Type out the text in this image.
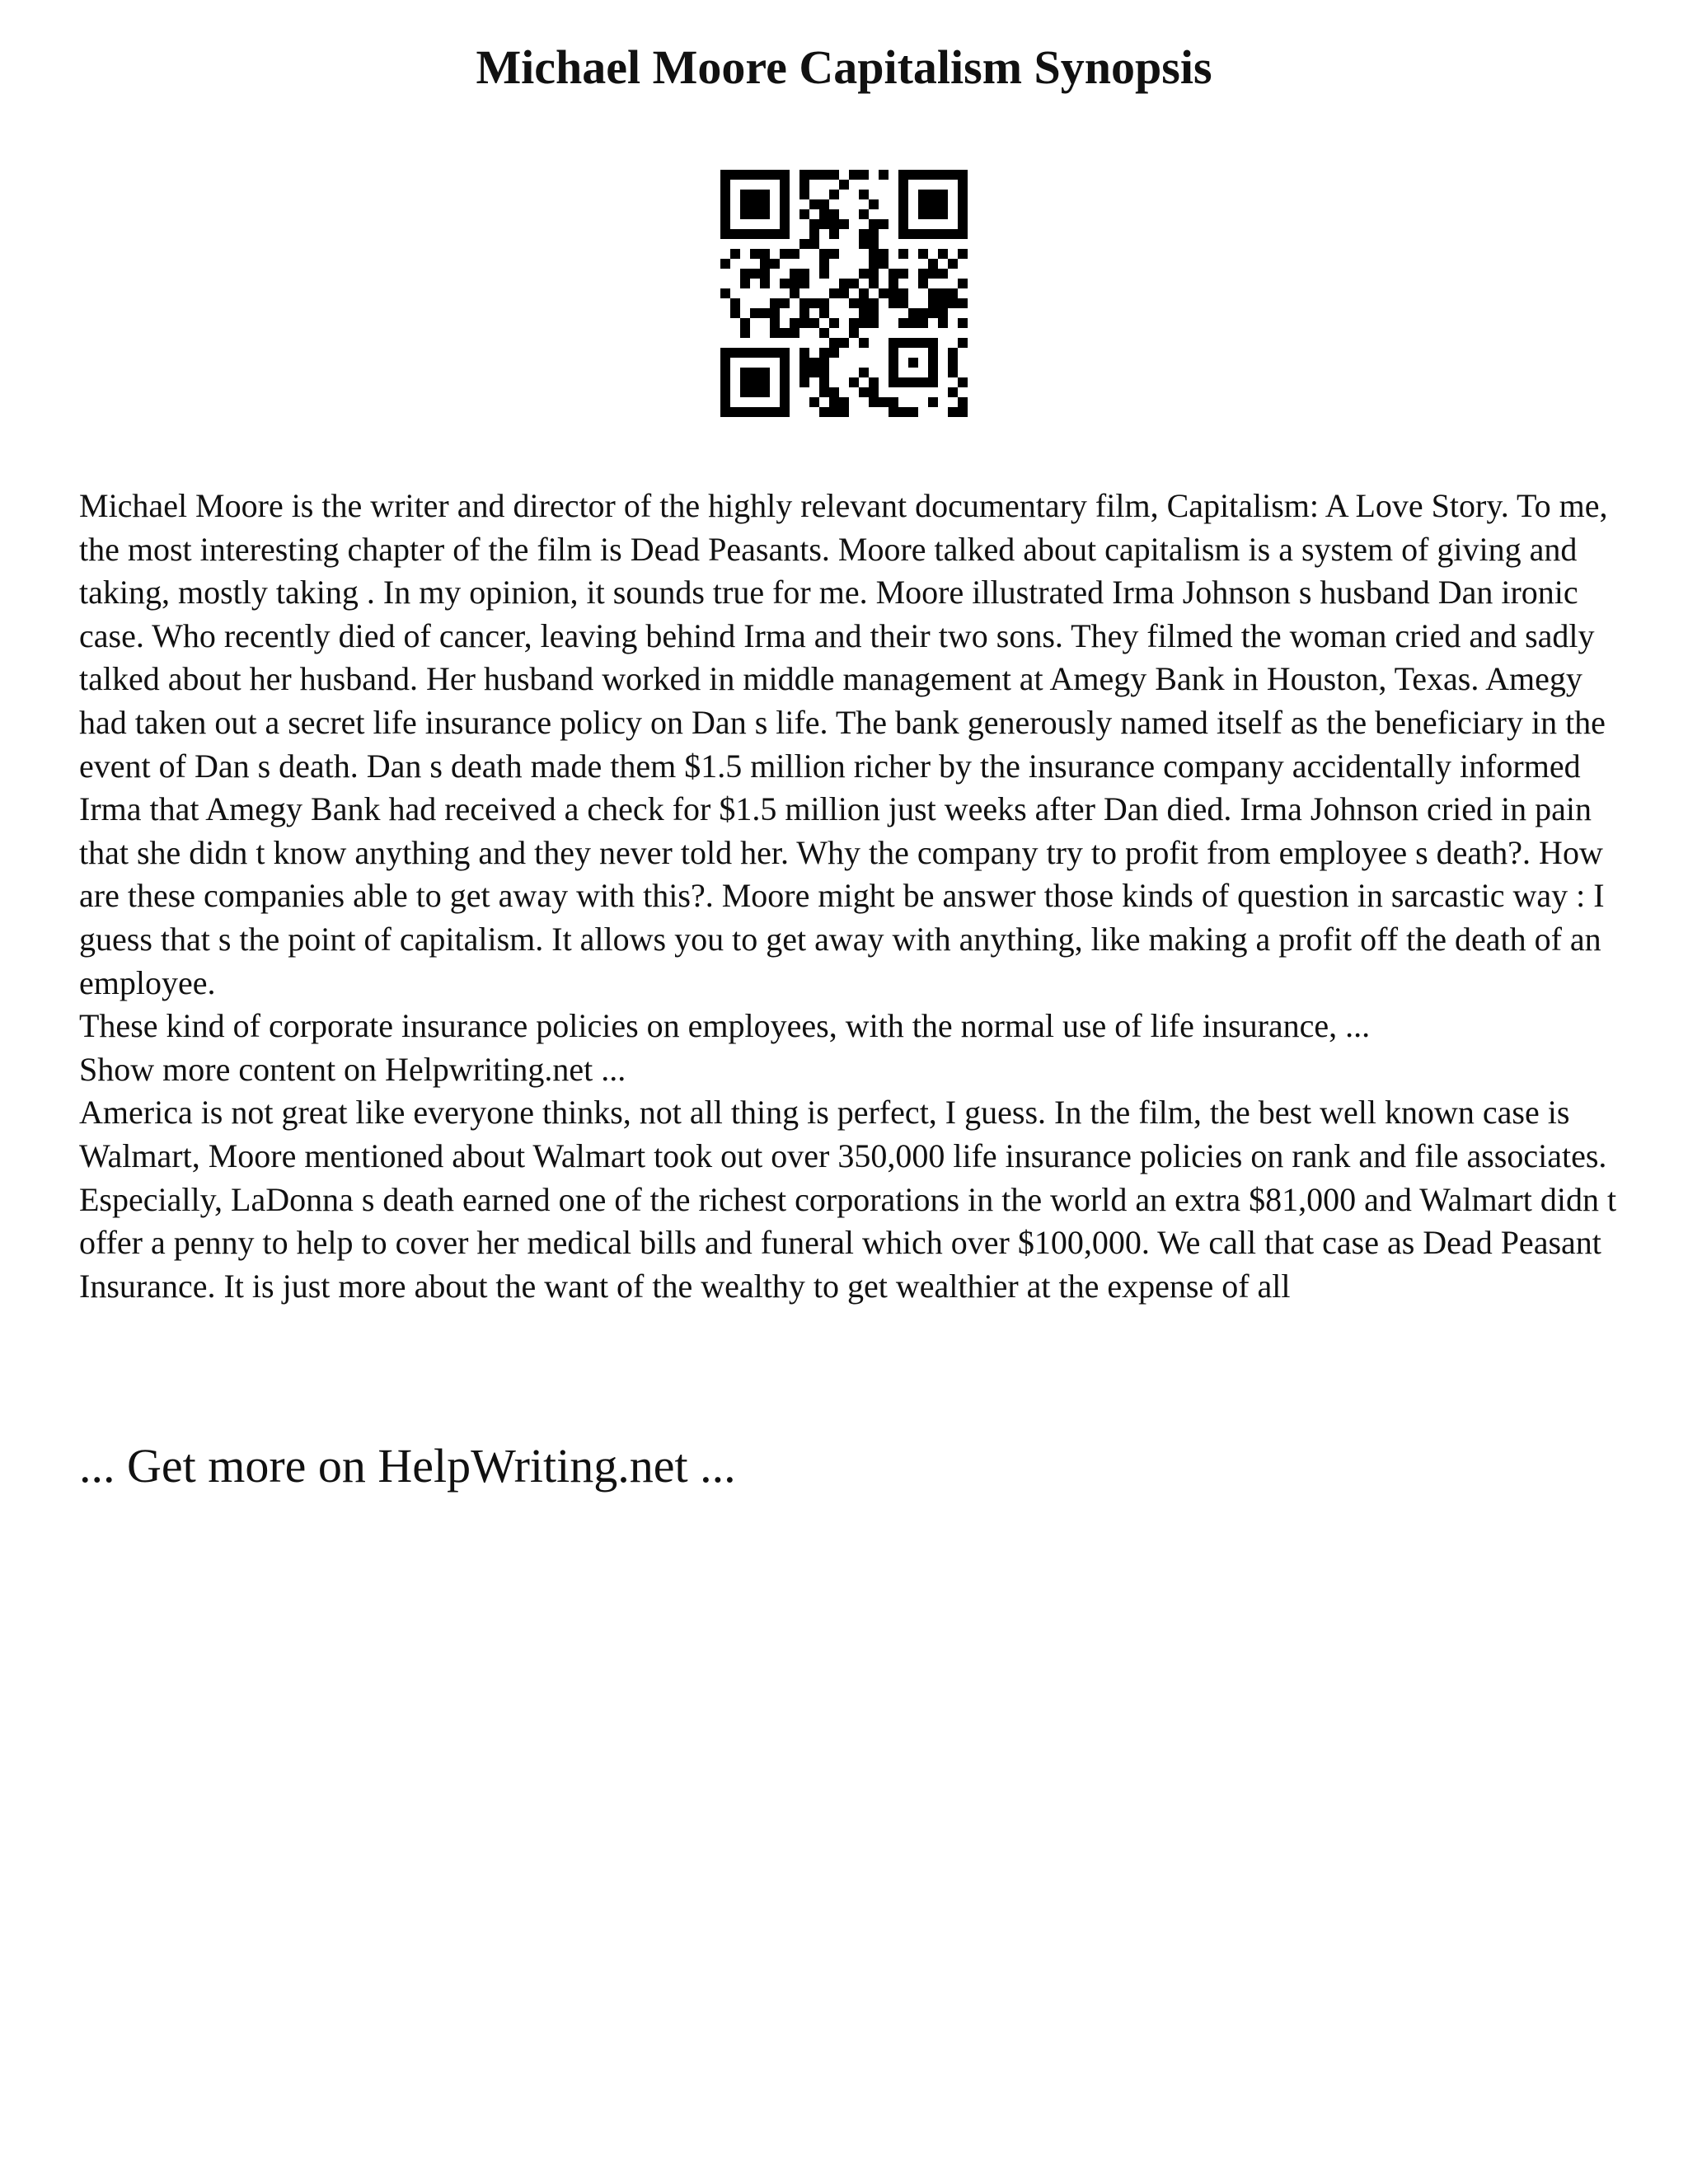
Michael Moore Capitalism Synopsis

Michael Moore is the writer and director of the highly relevant documentary film, Capitalism: A Love Story. To me, the most interesting chapter of the film is Dead Peasants. Moore talked about capitalism is a system of giving and taking, mostly taking . In my opinion, it sounds true for me. Moore illustrated Irma Johnson s husband Dan ironic case. Who recently died of cancer, leaving behind Irma and their two sons. They filmed the woman cried and sadly talked about her husband. Her husband worked in middle management at Amegy Bank in Houston, Texas. Amegy had taken out a secret life insurance policy on Dan s life. The bank generously named itself as the beneficiary in the event of Dan s death. Dan s death made them $1.5 million richer by the insurance company accidentally informed Irma that Amegy Bank had received a check for $1.5 million just weeks after Dan died. Irma Johnson cried in pain that she didn t know anything and they never told her. Why the company try to profit from employee s death?. How are these companies able to get away with this?. Moore might be answer those kinds of question in sarcastic way : I guess that s the point of capitalism. It allows you to get away with anything, like making a profit off the death of an employee.

These kind of corporate insurance policies on employees, with the normal use of life insurance, ...

Show more content on Helpwriting.net ...

America is not great like everyone thinks, not all thing is perfect, I guess. In the film, the best well known case is Walmart, Moore mentioned about Walmart took out over 350,000 life insurance policies on rank and file associates. Especially, LaDonna s death earned one of the richest corporations in the world an extra $81,000 and Walmart didn t offer a penny to help to cover her medical bills and funeral which over $100,000. We call that case as Dead Peasant Insurance. It is just more about the want of the wealthy to get wealthier at the expense of all

... Get more on HelpWriting.net ...
